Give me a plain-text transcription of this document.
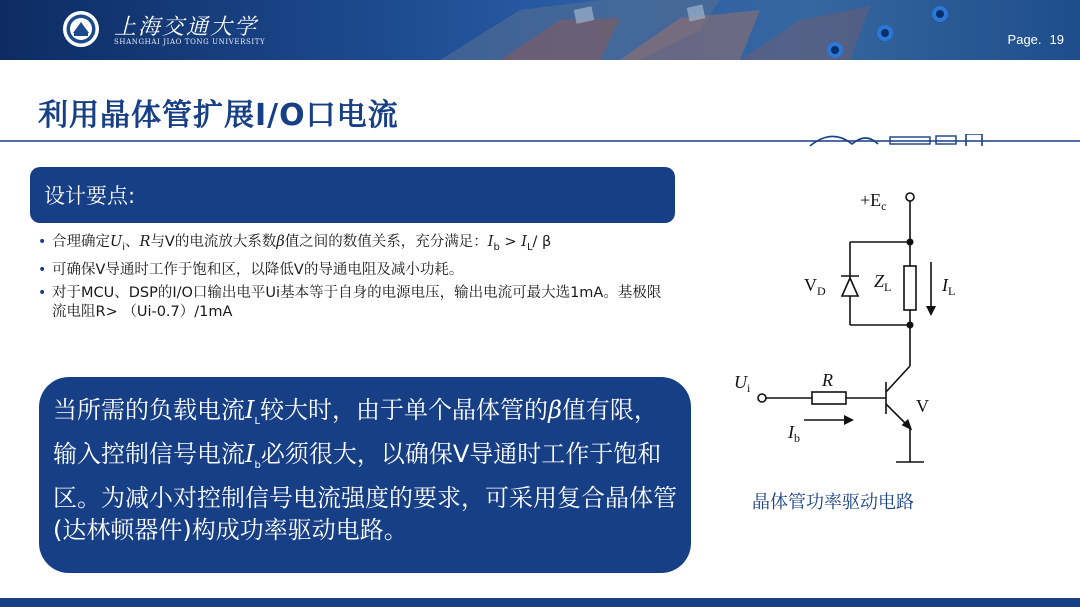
上海交通大学
SHANGHAI JIAO TONG UNIVERSITY	Page. 19
利用晶体管扩展I/O口电流
设计要点:
• 合理确定$U_i$、R与V的电流放大系数β值之间的数值关系，充分满足：$I_b > I_L/$ β
• 可确保V导通时工作于饱和区，以降低V的导通电阻及减小功耗。
• 对于MCU、DSP的I/O口输出电平Ui基本等于自身的电源电压，输出电流可最大选1mA。基极限流电阻R> （Ui-0.7）/1mA
当所需的负载电流$I_L$较大时，由于单个晶体管的β值有限，输入控制信号电流$I_b$必须很大，以确保V导通时工作于饱和区。为减小对控制信号电流强度的要求，可采用复合晶体管(达林顿器件)构成功率驱动电路。
$+E_c$
$V_D$	$Z_L$	$I_L$
$U_i$	R
V
$I_b$
晶体管功率驱动电路
